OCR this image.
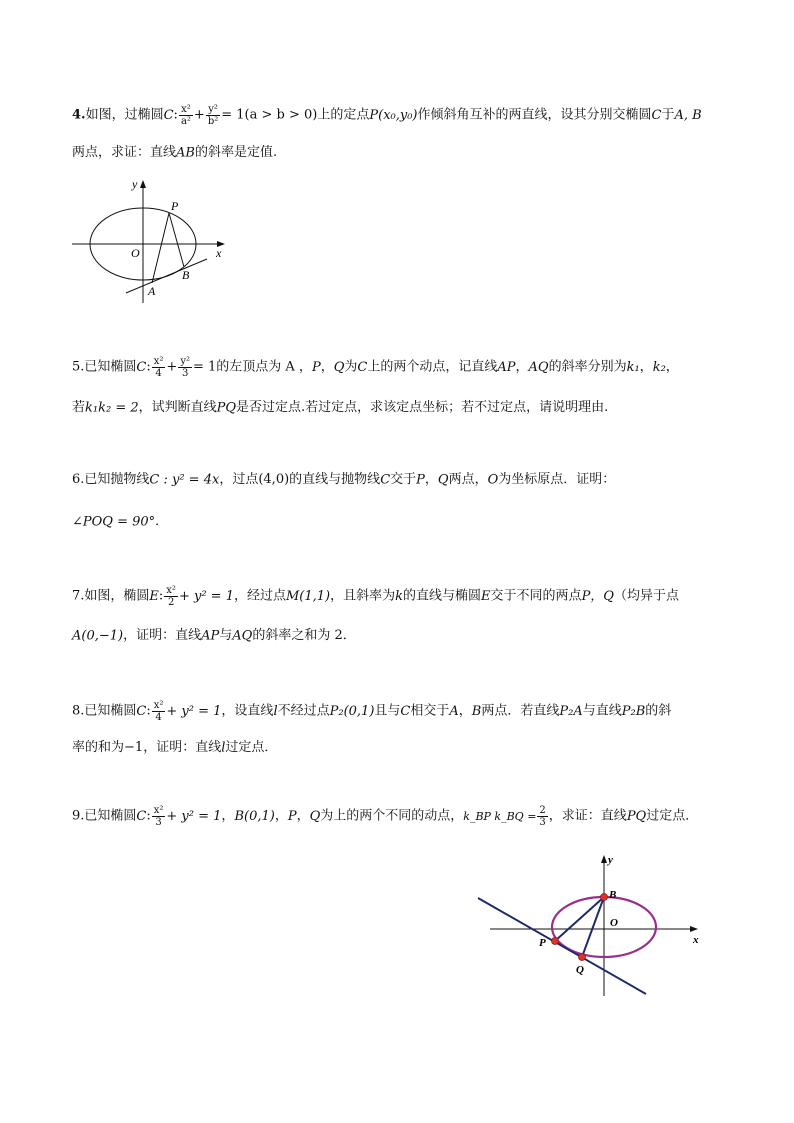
4.如图，过椭圆C: $\frac{\text{x²}}{\text{a²}} + \frac{\text{y²}}{\text{b²}} = 1(a > b > 0)$上的定点P(x₀,y₀)作倾斜角互补的两直线，设其分别交椭圆C于A, B
两点，求证：直线AB的斜率是定值.
y
x
P
O
A
B
5.已知椭圆C: $\frac{\text{x²}}{4} + \frac{\text{y²}}{3} = 1$的左顶点为 A ，P，Q为C上的两个动点，记直线AP，AQ的斜率分别为k₁，k₂，
若k₁k₂ = 2，试判断直线PQ是否过定点.若过定点，求该定点坐标；若不过定点，请说明理由.
6.已知抛物线C : y² = 4x，过点(4,0)的直线与抛物线C交于P，Q两点，O为坐标原点．证明：
∠POQ = 90°．
7.如图，椭圆E: $\frac{\text{x²}}{2} + y^2 = 1$，经过点M(1,1)，且斜率为k的直线与椭圆E交于不同的两点P，Q（均异于点
A(0,−1)，证明：直线AP与AQ的斜率之和为 2．
8.已知椭圆C: $\frac{\text{x²}}{4} + y^2 = 1$，设直线l不经过点P₂(0,1)且与C相交于A，B两点．若直线P₂A与直线P₂B的斜
率的和为−1，证明：直线l过定点．
9.已知椭圆C: $\frac{\text{x²}}{3} + y^2 = 1$，B(0,1)，P，Q为上的两个不同的动点，k_BP k_BQ = $\frac{2}{3}$ ，求证：直线PQ过定点．
y
x
B
O
P
Q
